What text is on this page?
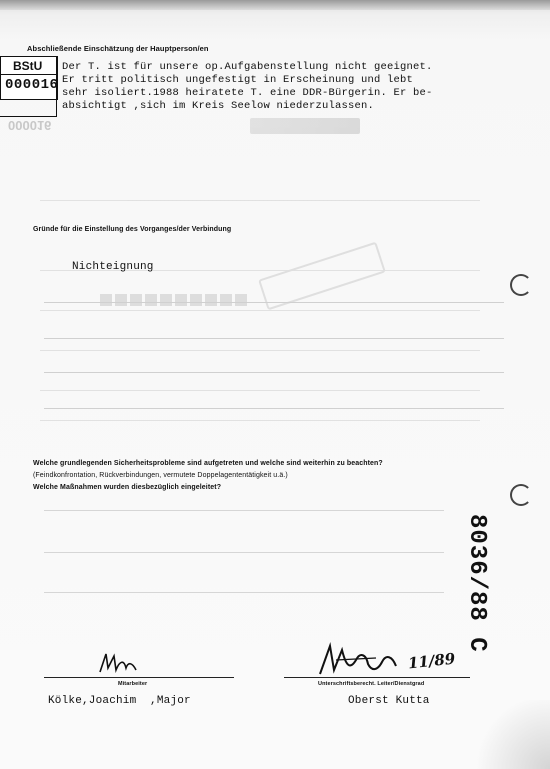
BStU
000016
000016
Abschließende Einschätzung der Hauptperson/en
Der T. ist für unsere op.Aufgabenstellung nicht geeignet.
Er tritt politisch ungefestigt in Erscheinung und lebt
sehr isoliert.1988 heiratete T. eine DDR-Bürgerin. Er be-
absichtigt ,sich im Kreis Seelow niederzulassen.
Gründe für die Einstellung des Vorganges/der Verbindung
Nichteignung
Welche grundlegenden Sicherheitsprobleme sind aufgetreten und welche sind weiterhin zu beachten?
(Feindkonfrontation, Rückverbindungen, vermutete Doppelagententätigkeit u.ä.)
Welche Maßnahmen wurden diesbezüglich eingeleitet?
8036/88 C
11/89
Mitarbeiter	Unterschriftsberecht. Leiter/Dienstgrad
Kölke,Joachim  ,Major	Oberst Kutta
